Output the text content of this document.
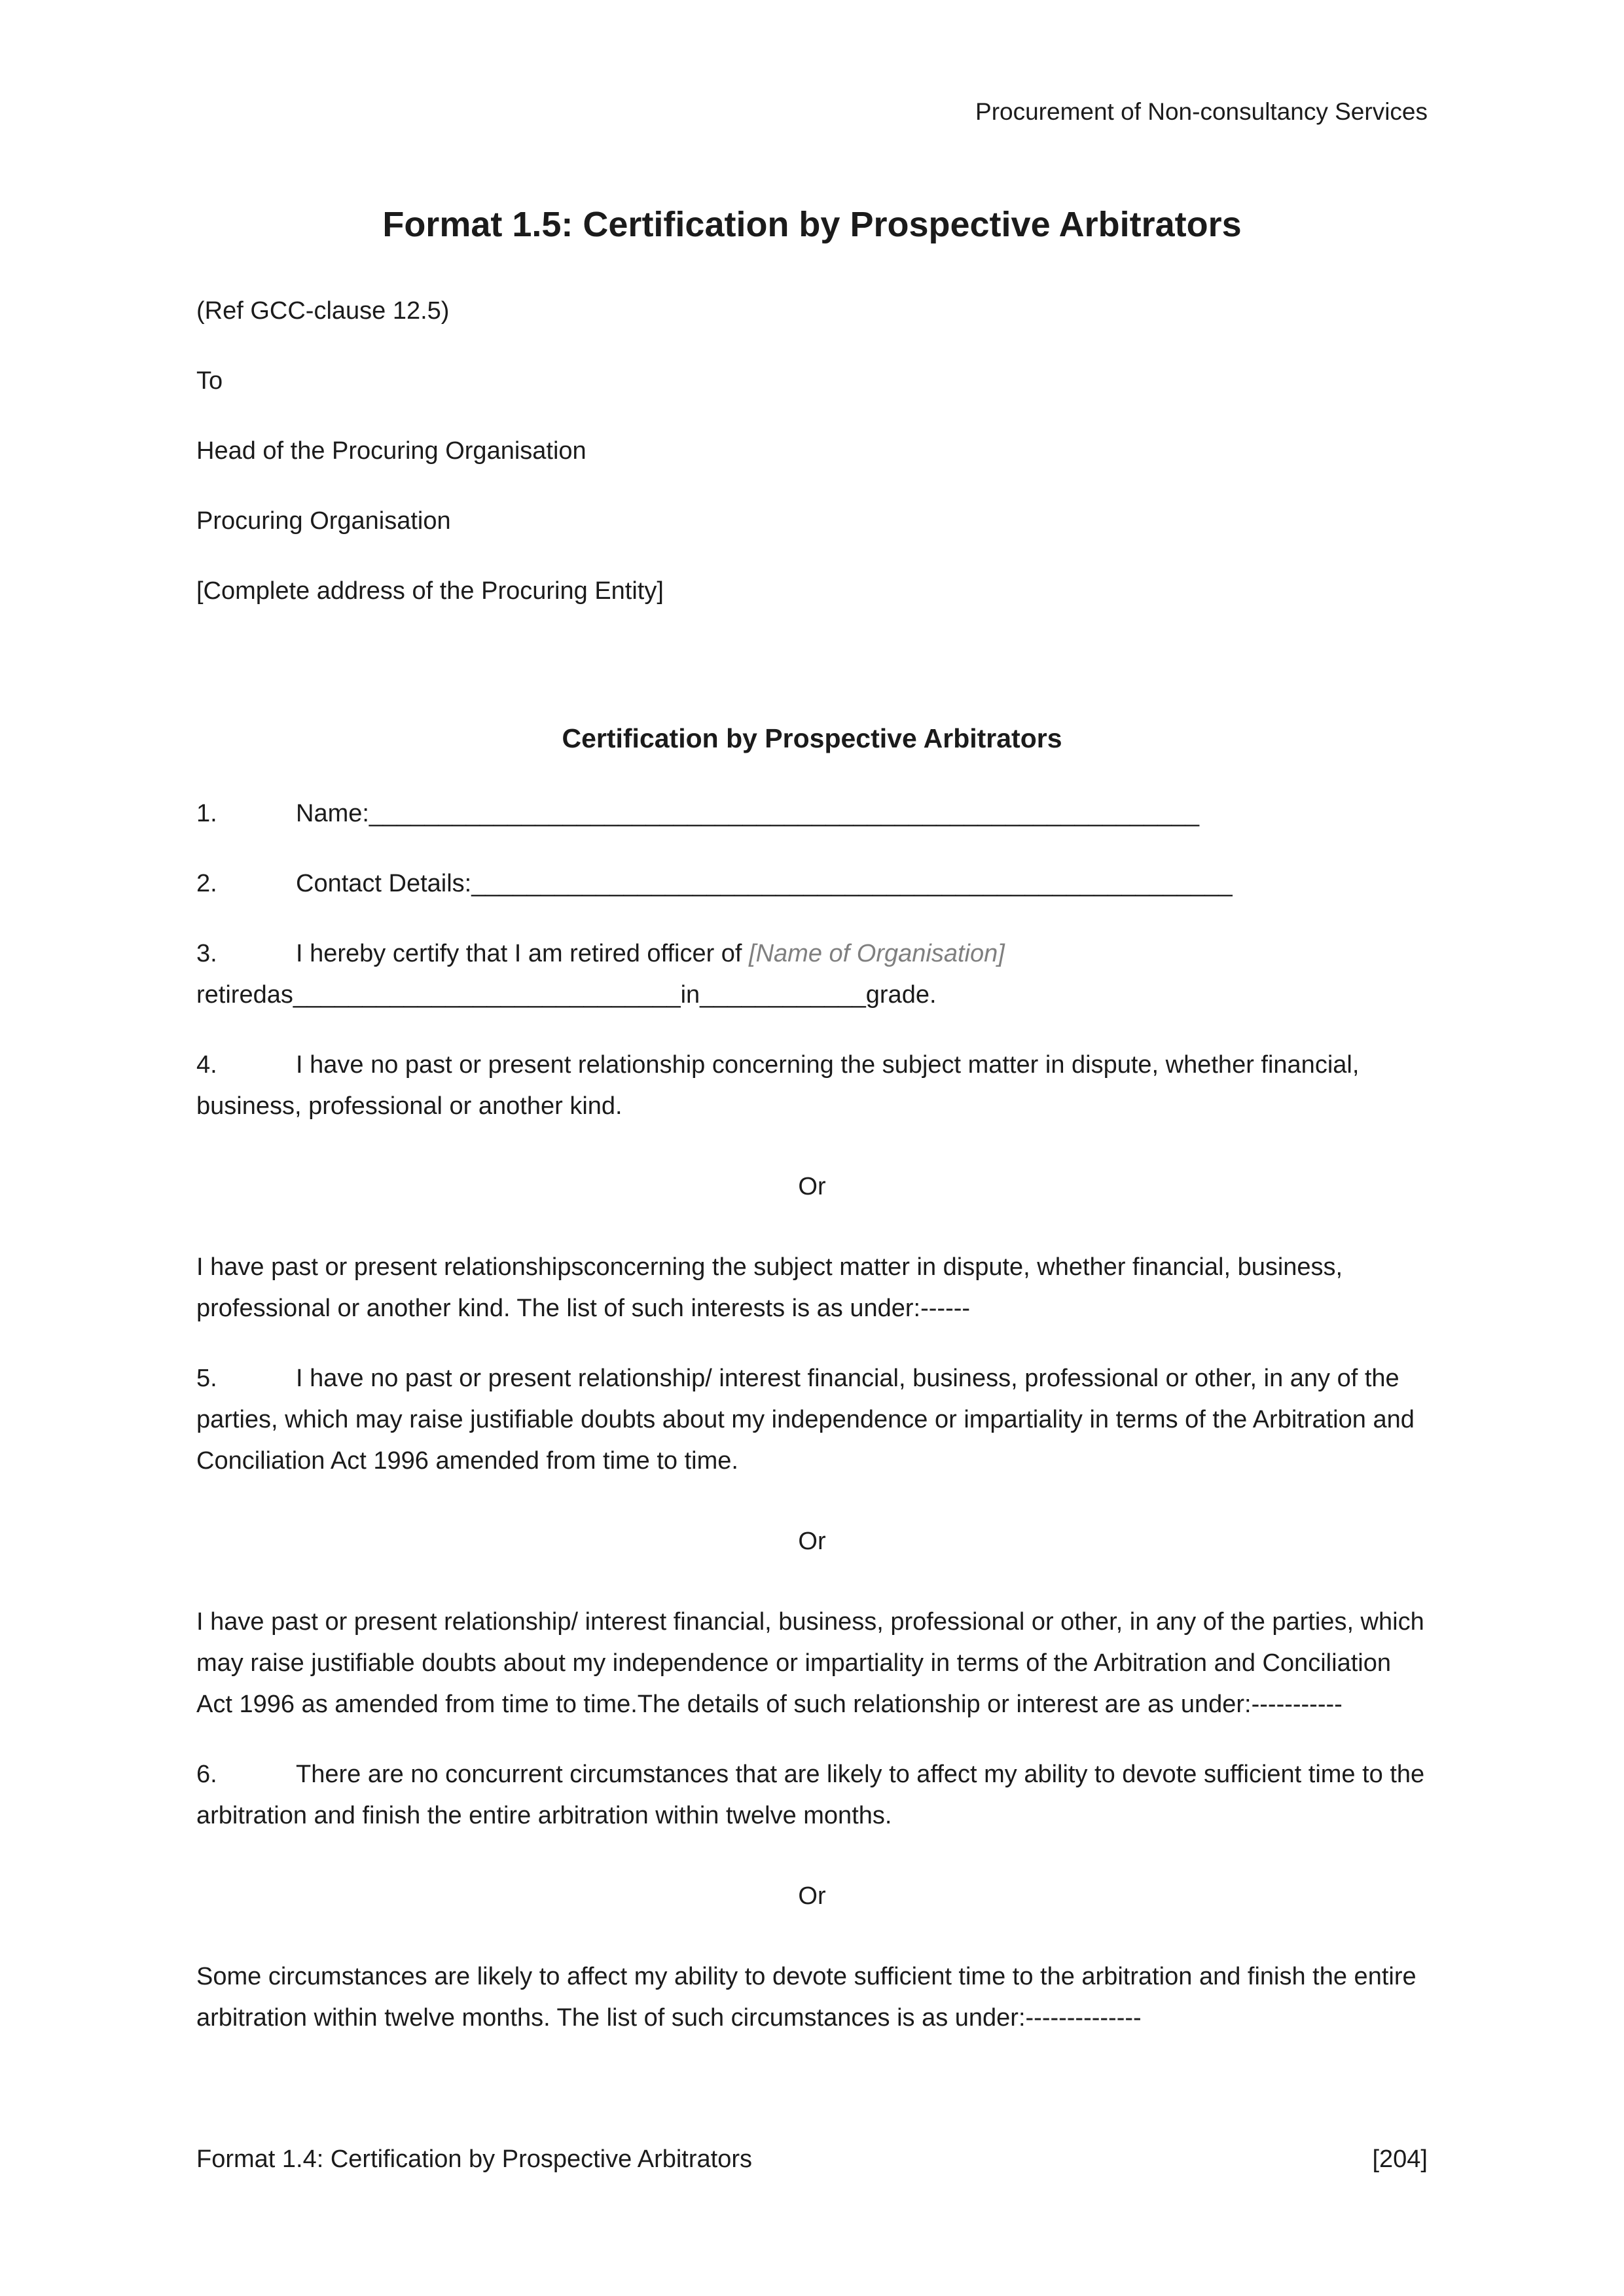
Procurement of Non-consultancy Services
Format 1.5: Certification by Prospective Arbitrators

(Ref GCC-clause 12.5)

To

Head of the Procuring Organisation

Procuring Organisation

[Complete address of the Procuring Entity]

Certification by Prospective Arbitrators

1.	Name:____________________________________________________________

2.	Contact Details:_______________________________________________________

3.	I hereby certify that I am retired officer of [Name of Organisation] retiredas____________________________in____________grade.

4.	I have no past or present relationship concerning the subject matter in dispute, whether financial, business, professional or another kind.

Or

I have past or present relationshipsconcerning the subject matter in dispute, whether financial, business, professional or another kind. The list of such interests is as under:------

5.	I have no past or present relationship/ interest financial, business, professional or other, in any of the parties, which may raise justifiable doubts about my independence or impartiality in terms of the Arbitration and Conciliation Act 1996 amended from time to time.

Or

I have past or present relationship/ interest financial, business, professional or other, in any of the parties, which may raise justifiable doubts about my independence or impartiality in terms of the Arbitration and Conciliation Act 1996 as amended from time to time.The details of such relationship or interest are as under:-----------

6.	There are no concurrent circumstances that are likely to affect my ability to devote sufficient time to the arbitration and finish the entire arbitration within twelve months.

Or

Some circumstances are likely to affect my ability to devote sufficient time to the arbitration and finish the entire arbitration within twelve months. The list of such circumstances is as under:--------------

Format 1.4: Certification by Prospective Arbitrators	[204]
